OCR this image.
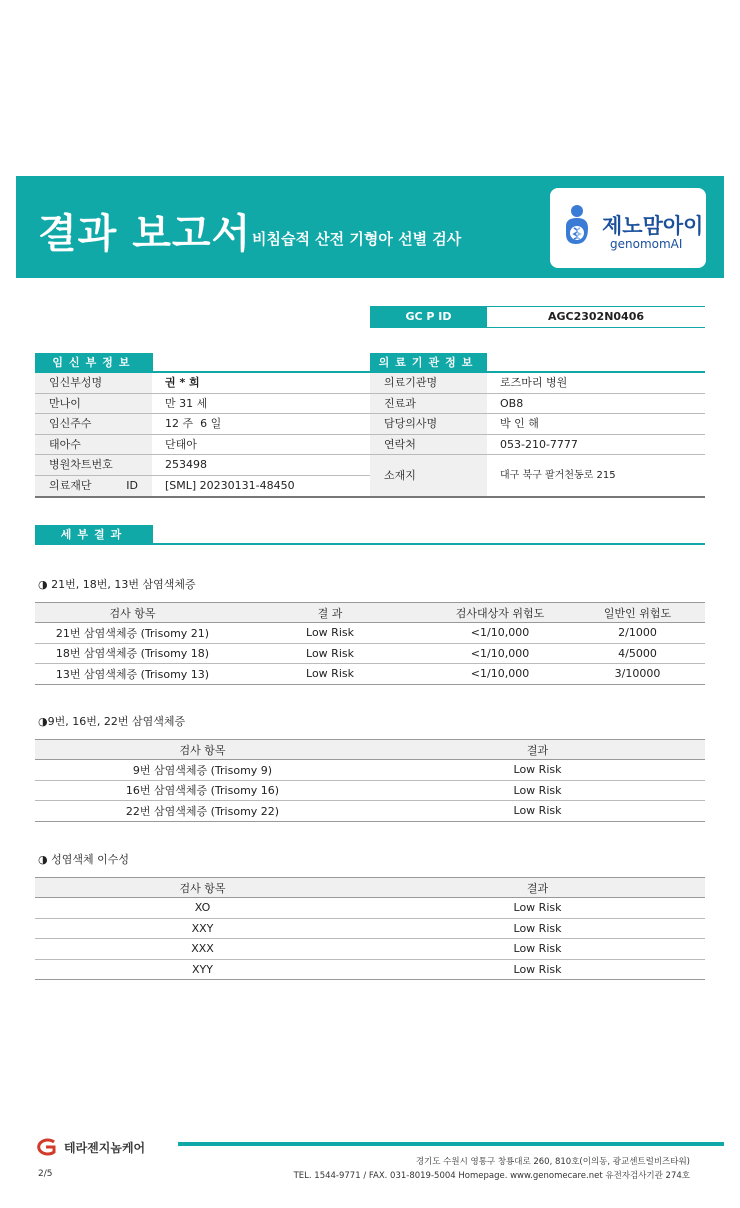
결과 보고서 비침습적 산전 기형아 선별 검사
제노맘아이
genomomAI
GC P ID	AGC2302N0406
임신부정보
임신부성명	권 * 희
만나이	만 31 세
임신주수	12 주  6 일
태아수	단태아
병원차트번호	253498
의료재단 ID	[SML] 20230131-48450
의료기관정보
의료기관명	로즈마리 병원
진료과	OB8
담당의사명	박 인 해
연락처	053-210-7777
소재지	대구 북구 팔거천동로 215
세부결과
◑ 21번, 18번, 13번 삼염색체증
검사 항목	결 과	검사대상자 위험도	일반인 위험도
21번 삼염색체증 (Trisomy 21)	Low Risk	<1/10,000	2/1000
18번 삼염색체증 (Trisomy 18)	Low Risk	<1/10,000	4/5000
13번 삼염색체증 (Trisomy 13)	Low Risk	<1/10,000	3/10000
◑9번, 16번, 22번 삼염색체증
검사 항목	결과
9번 삼염색체증 (Trisomy 9)	Low Risk
16번 삼염색체증 (Trisomy 16)	Low Risk
22번 삼염색체증 (Trisomy 22)	Low Risk
◑ 성염색체 이수성
검사 항목	결과
XO	Low Risk
XXY	Low Risk
XXX	Low Risk
XYY	Low Risk
테라젠지놈케어
경기도 수원시 영통구 창룡대로 260, 810호(이의동, 광교센트럴비즈타워)
TEL. 1544-9771 / FAX. 031-8019-5004 Homepage. www.genomecare.net 유전자검사기관 274호
2/5
